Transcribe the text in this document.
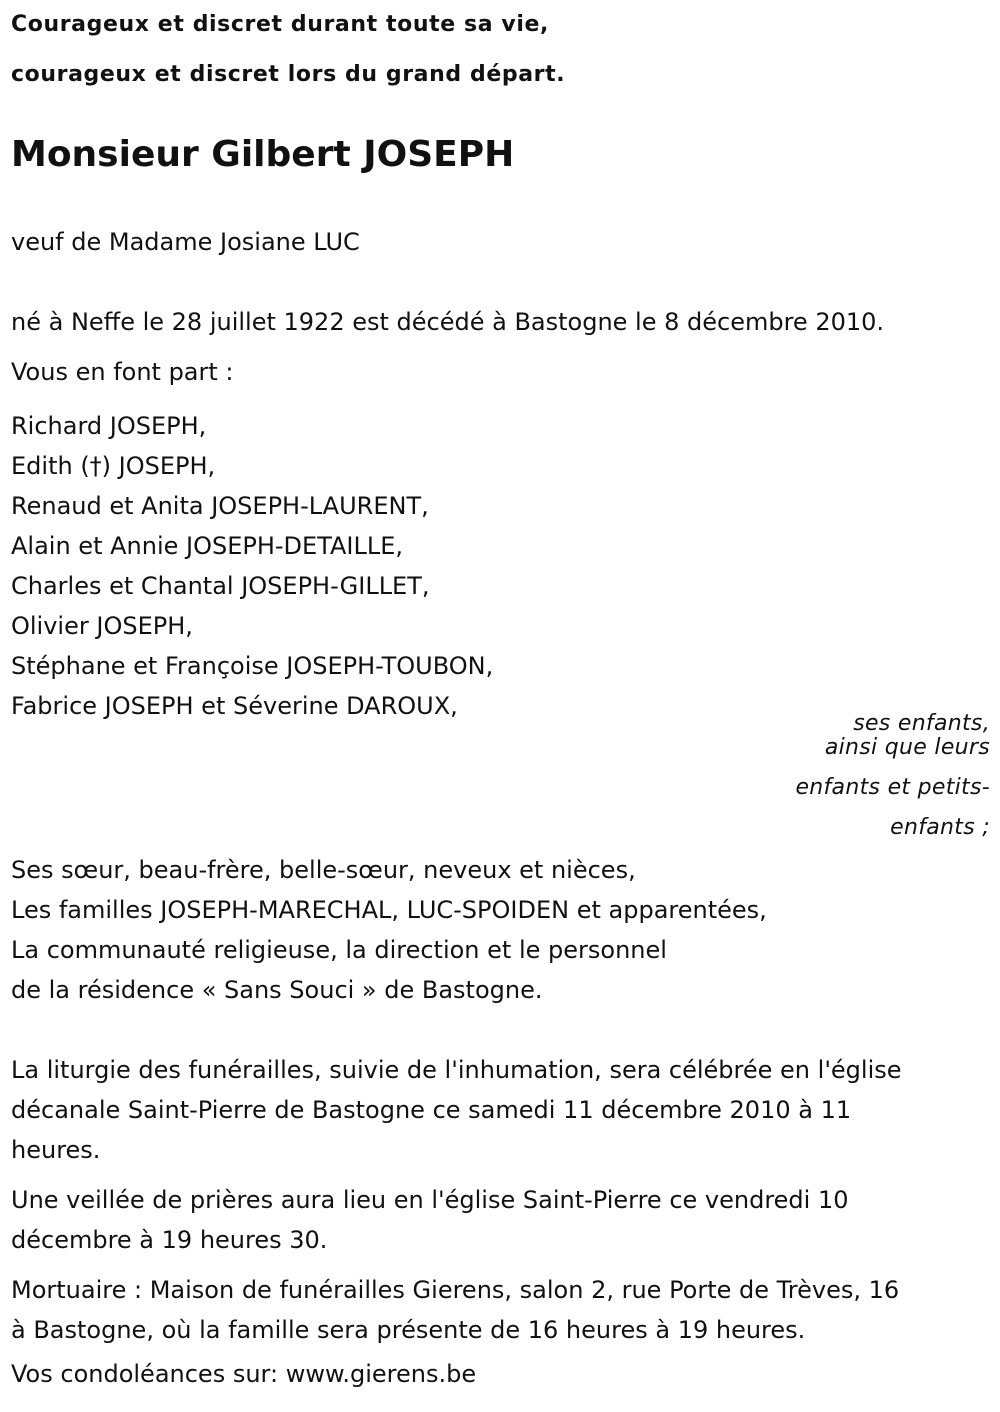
Courageux et discret durant toute sa vie,
courageux et discret lors du grand départ.
Monsieur Gilbert JOSEPH
veuf de Madame Josiane LUC
né à Neffe le 28 juillet 1922 est décédé à Bastogne le 8 décembre 2010.
Vous en font part :
Richard JOSEPH,
Edith (†) JOSEPH,
Renaud et Anita JOSEPH-LAURENT,
Alain et Annie JOSEPH-DETAILLE,
Charles et Chantal JOSEPH-GILLET,
Olivier JOSEPH,
Stéphane et Françoise JOSEPH-TOUBON,
Fabrice JOSEPH et Séverine DAROUX,
ses enfants,
ainsi que leurs
enfants et petits-
enfants ;
Ses sœur, beau-frère, belle-sœur, neveux et nièces,
Les familles JOSEPH-MARECHAL, LUC-SPOIDEN et apparentées,
La communauté religieuse, la direction et le personnel
de la résidence « Sans Souci » de Bastogne.
La liturgie des funérailles, suivie de l'inhumation, sera célébrée en l'église
décanale Saint-Pierre de Bastogne ce samedi 11 décembre 2010 à 11
heures.
Une veillée de prières aura lieu en l'église Saint-Pierre ce vendredi 10
décembre à 19 heures 30.
Mortuaire : Maison de funérailles Gierens, salon 2, rue Porte de Trèves, 16
à Bastogne, où la famille sera présente de 16 heures à 19 heures.
Vos condoléances sur: www.gierens.be
